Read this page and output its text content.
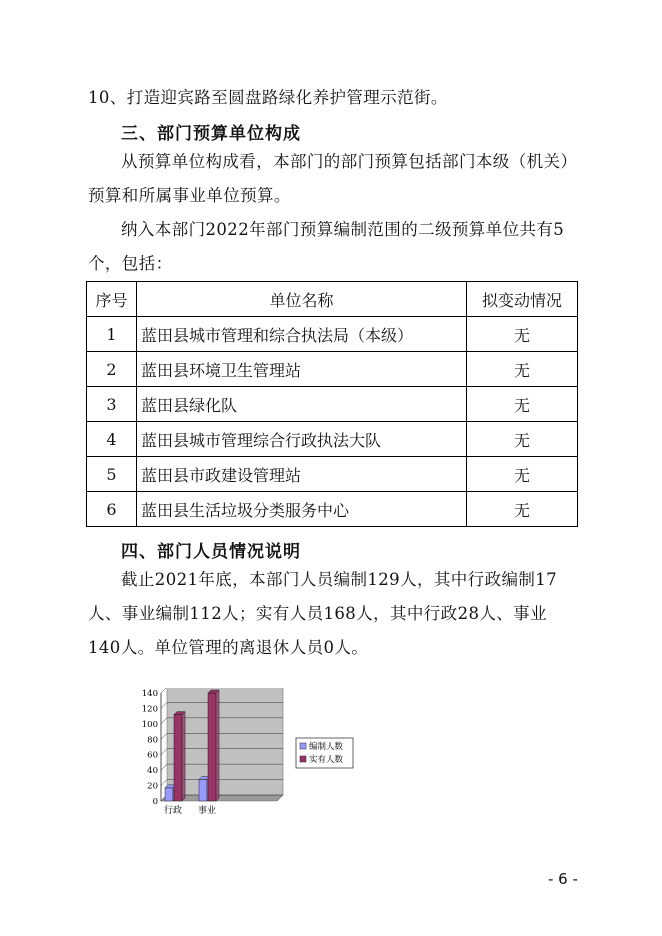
10、打造迎宾路至圆盘路绿化养护管理示范街。
三、部门预算单位构成
从预算单位构成看，本部门的部门预算包括部门本级（机关）预算和所属事业单位预算。
纳入本部门2022年部门预算编制范围的二级预算单位共有5个，包括：
序号	单位名称	拟变动情况
1	蓝田县城市管理和综合执法局（本级）	无
2	蓝田县环境卫生管理站	无
3	蓝田县绿化队	无
4	蓝田县城市管理综合行政执法大队	无
5	蓝田县市政建设管理站	无
6	蓝田县生活垃圾分类服务中心	无
四、部门人员情况说明
截止2021年底，本部门人员编制129人，其中行政编制17人、事业编制112人；实有人员168人，其中行政28人、事业140人。单位管理的离退休人员0人。
0
20
40
60
80
100
120
140
行政 事业
编制人数
实有人数
- 6 -
